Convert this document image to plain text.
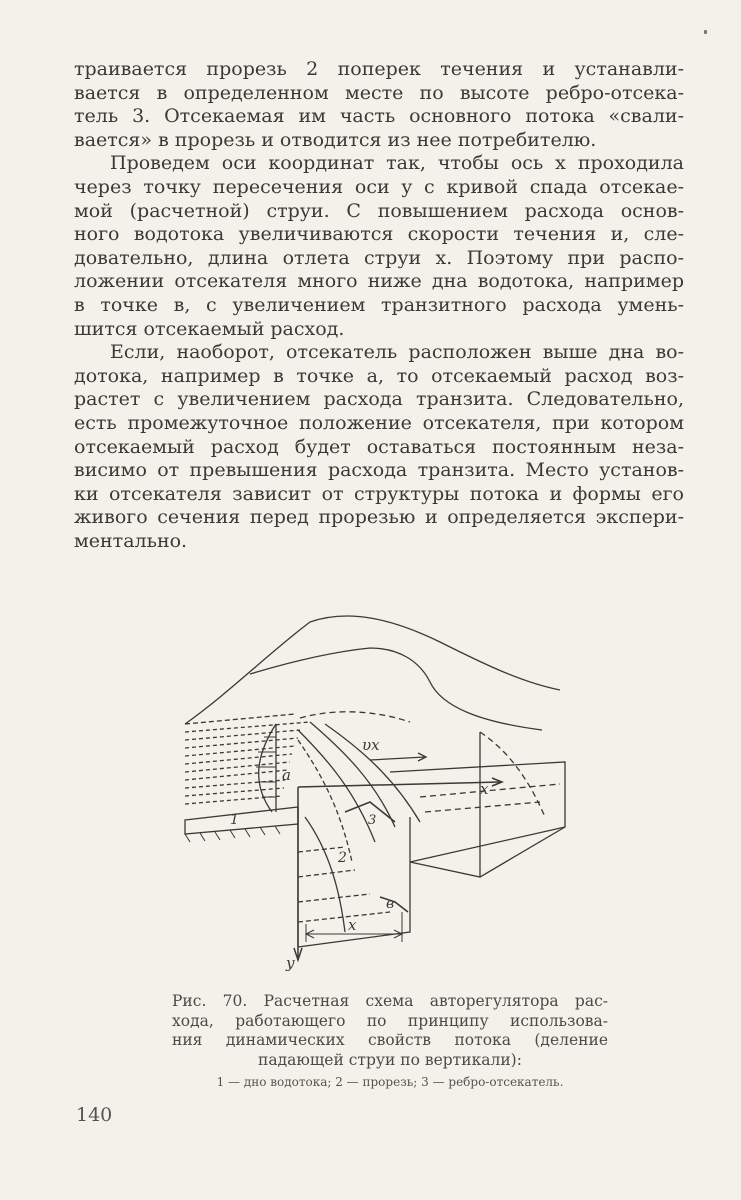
траивается прорезь 2 поперек течения и устанавли-
вается в определенном месте по высоте ребро-отсека-
тель 3. Отсекаемая им часть основного потока «свали-
вается» в прорезь и отводится из нее потребителю.
Проведем оси координат так, чтобы ось x проходила
через точку пересечения оси y с кривой спада отсекае-
мой (расчетной) струи. С повышением расхода основ-
ного водотока увеличиваются скорости течения и, сле-
довательно, длина отлета струи x. Поэтому при распо-
ложении отсекателя много ниже дна водотока, например
в точке в, с увеличением транзитного расхода умень-
шится отсекаемый расход.
Если, наоборот, отсекатель расположен выше дна во-
дотока, например в точке a, то отсекаемый расход воз-
растет с увеличением расхода транзита. Следовательно,
есть промежуточное положение отсекателя, при котором
отсекаемый расход будет оставаться постоянным неза-
висимо от превышения расхода транзита. Место установ-
ки отсекателя зависит от структуры потока и формы его
живого сечения перед прорезью и определяется экспери-
ментально.
υx
x
y
x
a
в
1
2
3
Рис. 70. Расчетная схема авторегулятора рас-
хода, работающего по принципу использова-
ния динамических свойств потока (деление
падающей струи по вертикали):
1 — дно водотока; 2 — прорезь; 3 — ребро-отсекатель.
140
